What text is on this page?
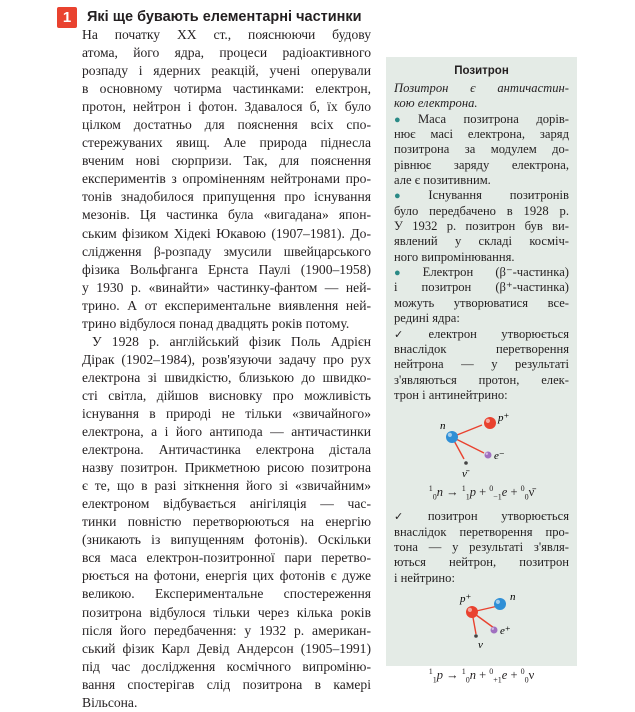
1	Які ще бувають елементарні частинки
На початку XX ст., пояснюючи будову
атома, його ядра, процеси радіоактивного
розпаду і ядерних реакцій, учені оперували
в основному чотирма частинками: електрон,
протон, нейтрон і фотон. Здавалося б, їх було
цілком достатньо для пояснення всіх спо-
стережуваних явищ. Але природа піднесла
вченим нові сюрпризи. Так, для пояснення
експериментів з опроміненням нейтронами про-
тонів знадобилося припущення про існування
мезонів. Ця частинка була «вигадана» япон-
ським фізиком Хідекі Юкавою (1907–1981). До-
слідження β-розпаду змусили швейцарського
фізика Вольфганга Ернста Паулі (1900–1958)
у 1930 р. «винайти» частинку-фантом — ней-
трино. А от експериментальне виявлення ней-
трино відбулося понад двадцять років потому.
У 1928 р. англійський фізик Поль Адрієн
Дірак (1902–1984), розв'язуючи задачу про рух
електрона зі швидкістю, близькою до швидко-
сті світла, дійшов висновку про можливість
існування в природі не тільки «звичайного»
електрона, а і його антипода — античастинки
електрона. Античастинка електрона дістала
назву позитрон. Прикметною рисою позитрона
є те, що в разі зіткнення його зі «звичайним»
електроном відбувається анігіляція — час-
тинки повністю перетворюються на енергію
(зникають із випущенням фотонів). Оскільки
вся маса електрон-позитронної пари перетво-
рюється на фотони, енергія цих фотонів є дуже
великою. Експериментальне спостереження
позитрона відбулося тільки через кілька років
після його передбачення: у 1932 р. американ-
ський фізик Карл Девід Андерсон (1905–1991)
під час дослідження космічного випроміню-
вання спостерігав слід позитрона в камері
Вільсона.
Позитрон
Позитрон є античастин-
кою електрона.
● Маса позитрона дорів-
нює масі електрона, заряд
позитрона за модулем до-
рівнює заряду електрона,
але є позитивним.
● Існування позитронів
було передбачено в 1928 р.
У 1932 р. позитрон був ви-
явлений у складі косміч-
ного випромінювання.
● Електрон (β⁻-частинка)
і позитрон (β⁺-частинка)
можуть утворюватися все-
редині ядра:
✓ електрон утворюється
внаслідок перетворення
нейтрона — у результаті
з'являються протон, елек-
трон і антинейтрино:
n
p⁺
e⁻
ν̄
$^1_0$n → $^1_1$p + $^0_{-1}$e + $^0_0$ν̄
✓ позитрон утворюється
внаслідок перетворення про-
тона — у результаті з'явля-
ються нейтрон, позитрон
і нейтрино:
p⁺	n
e⁺
ν
$^1_1$p → $^1_0$n + $^0_{+1}$e + $^0_0$ν
